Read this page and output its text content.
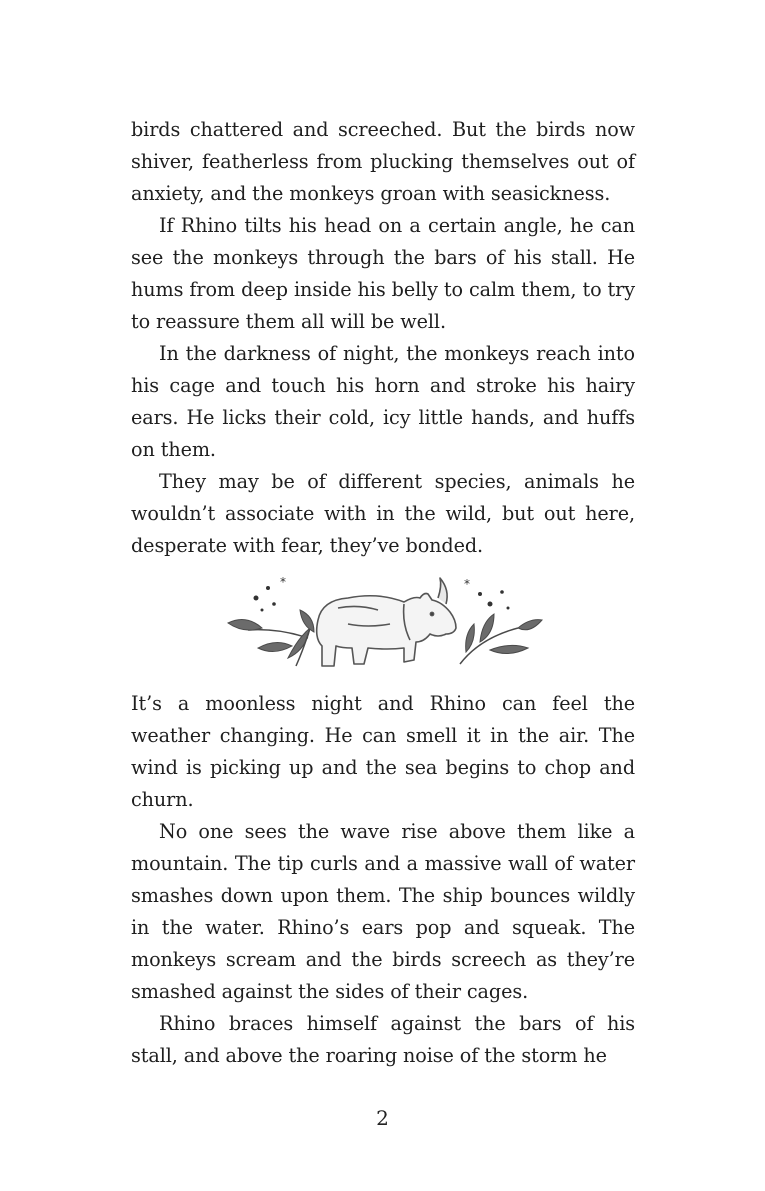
birds chattered and screeched. But the birds now shiver, featherless from plucking themselves out of anxiety, and the monkeys groan with seasickness.

If Rhino tilts his head on a certain angle, he can see the monkeys through the bars of his stall. He hums from deep inside his belly to calm them, to try to reassure them all will be well.

In the darkness of night, the monkeys reach into his cage and touch his horn and stroke his hairy ears. He licks their cold, icy little hands, and huffs on them.

They may be of different species, animals he wouldn’t associate with in the wild, but out here, desperate with fear, they’ve bonded.

*	*

It’s a moonless night and Rhino can feel the weather changing. He can smell it in the air. The wind is picking up and the sea begins to chop and churn.

No one sees the wave rise above them like a mountain. The tip curls and a massive wall of water smashes down upon them. The ship bounces wildly in the water. Rhino’s ears pop and squeak. The monkeys scream and the birds screech as they’re smashed against the sides of their cages.

Rhino braces himself against the bars of his stall, and above the roaring noise of the storm he

2
